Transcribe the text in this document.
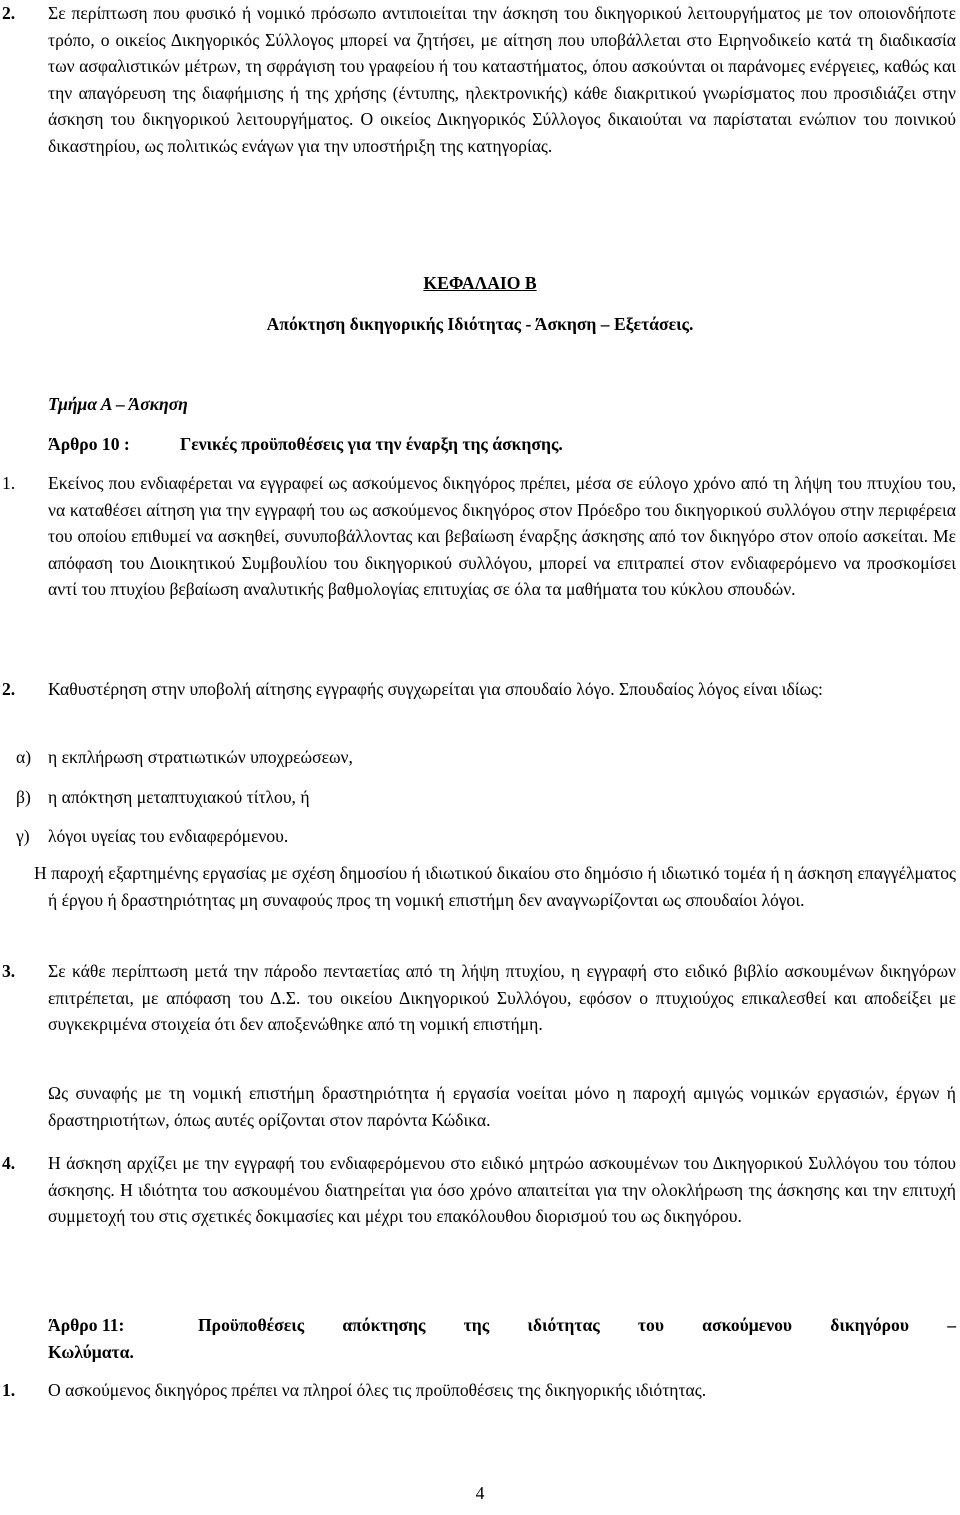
2.	Σε περίπτωση που φυσικό ή νομικό πρόσωπο αντιποιείται την άσκηση του δικηγορικού λειτουργήματος με τον οποιονδήποτε τρόπο, ο οικείος Δικηγορικός Σύλλογος μπορεί να ζητήσει, με αίτηση που υποβάλλεται στο Ειρηνοδικείο κατά τη διαδικασία των ασφαλιστικών μέτρων, τη σφράγιση του γραφείου ή του καταστήματος, όπου ασκούνται οι παράνομες ενέργειες, καθώς και την απαγόρευση της διαφήμισης ή της χρήσης (έντυπης, ηλεκτρονικής) κάθε διακριτικού γνωρίσματος που προσιδιάζει στην άσκηση του δικηγορικού λειτουργήματος. Ο οικείος Δικηγορικός Σύλλογος δικαιούται να παρίσταται ενώπιον του ποινικού δικαστηρίου, ως πολιτικώς ενάγων για την υποστήριξη της κατηγορίας.
ΚΕΦΑΛΑΙΟ Β
Απόκτηση δικηγορικής Ιδιότητας - Άσκηση – Εξετάσεις.
Τμήμα Α – Άσκηση
Άρθρο 10 :	Γενικές προϋποθέσεις για την έναρξη της άσκησης.
1.	Εκείνος που ενδιαφέρεται να εγγραφεί ως ασκούμενος δικηγόρος πρέπει, μέσα σε εύλογο χρόνο από τη λήψη του πτυχίου του, να καταθέσει αίτηση για την εγγραφή του ως ασκούμενος δικηγόρος στον Πρόεδρο του δικηγορικού συλλόγου στην περιφέρεια του οποίου επιθυμεί να ασκηθεί, συνυποβάλλοντας και βεβαίωση έναρξης άσκησης από τον δικηγόρο στον οποίο ασκείται. Με απόφαση του Διοικητικού Συμβουλίου του δικηγορικού συλλόγου, μπορεί να επιτραπεί στον ενδιαφερόμενο να προσκομίσει αντί του πτυχίου βεβαίωση αναλυτικής βαθμολογίας επιτυχίας σε όλα τα μαθήματα του κύκλου σπουδών.
2.	Καθυστέρηση στην υποβολή αίτησης εγγραφής συγχωρείται για σπουδαίο λόγο. Σπουδαίος λόγος είναι ιδίως:
α) η εκπλήρωση στρατιωτικών υποχρεώσεων,
β) η απόκτηση μεταπτυχιακού τίτλου, ή
γ)	λόγοι υγείας του ενδιαφερόμενου.
Η παροχή εξαρτημένης εργασίας με σχέση δημοσίου ή ιδιωτικού δικαίου στο δημόσιο ή ιδιωτικό τομέα ή η άσκηση επαγγέλματος ή έργου ή δραστηριότητας μη συναφούς προς τη νομική επιστήμη δεν αναγνωρίζονται ως σπουδαίοι λόγοι.
3.	Σε κάθε περίπτωση μετά την πάροδο πενταετίας από τη λήψη πτυχίου, η εγγραφή στο ειδικό βιβλίο ασκουμένων δικηγόρων επιτρέπεται, με απόφαση του Δ.Σ. του οικείου Δικηγορικού Συλλόγου, εφόσον ο πτυχιούχος επικαλεσθεί και αποδείξει με συγκεκριμένα στοιχεία ότι δεν αποξενώθηκε από τη νομική επιστήμη.
Ως συναφής με τη νομική επιστήμη δραστηριότητα ή εργασία νοείται μόνο η παροχή αμιγώς νομικών εργασιών, έργων ή δραστηριοτήτων, όπως αυτές ορίζονται στον παρόντα Κώδικα.
4.	Η άσκηση αρχίζει με την εγγραφή του ενδιαφερόμενου στο ειδικό μητρώο ασκουμένων του Δικηγορικού Συλλόγου του τόπου άσκησης. Η ιδιότητα του ασκουμένου διατηρείται για όσο χρόνο απαιτείται για την ολοκλήρωση της άσκησης και την επιτυχή συμμετοχή του στις σχετικές δοκιμασίες και μέχρι του επακόλουθου διορισμού του ως δικηγόρου.
Άρθρο 11:	Προϋποθέσεις απόκτησης της ιδιότητας του ασκούμενου δικηγόρου –
Κωλύματα.
1.	Ο ασκούμενος δικηγόρος πρέπει να πληροί όλες τις προϋποθέσεις της δικηγορικής ιδιότητας.
4
